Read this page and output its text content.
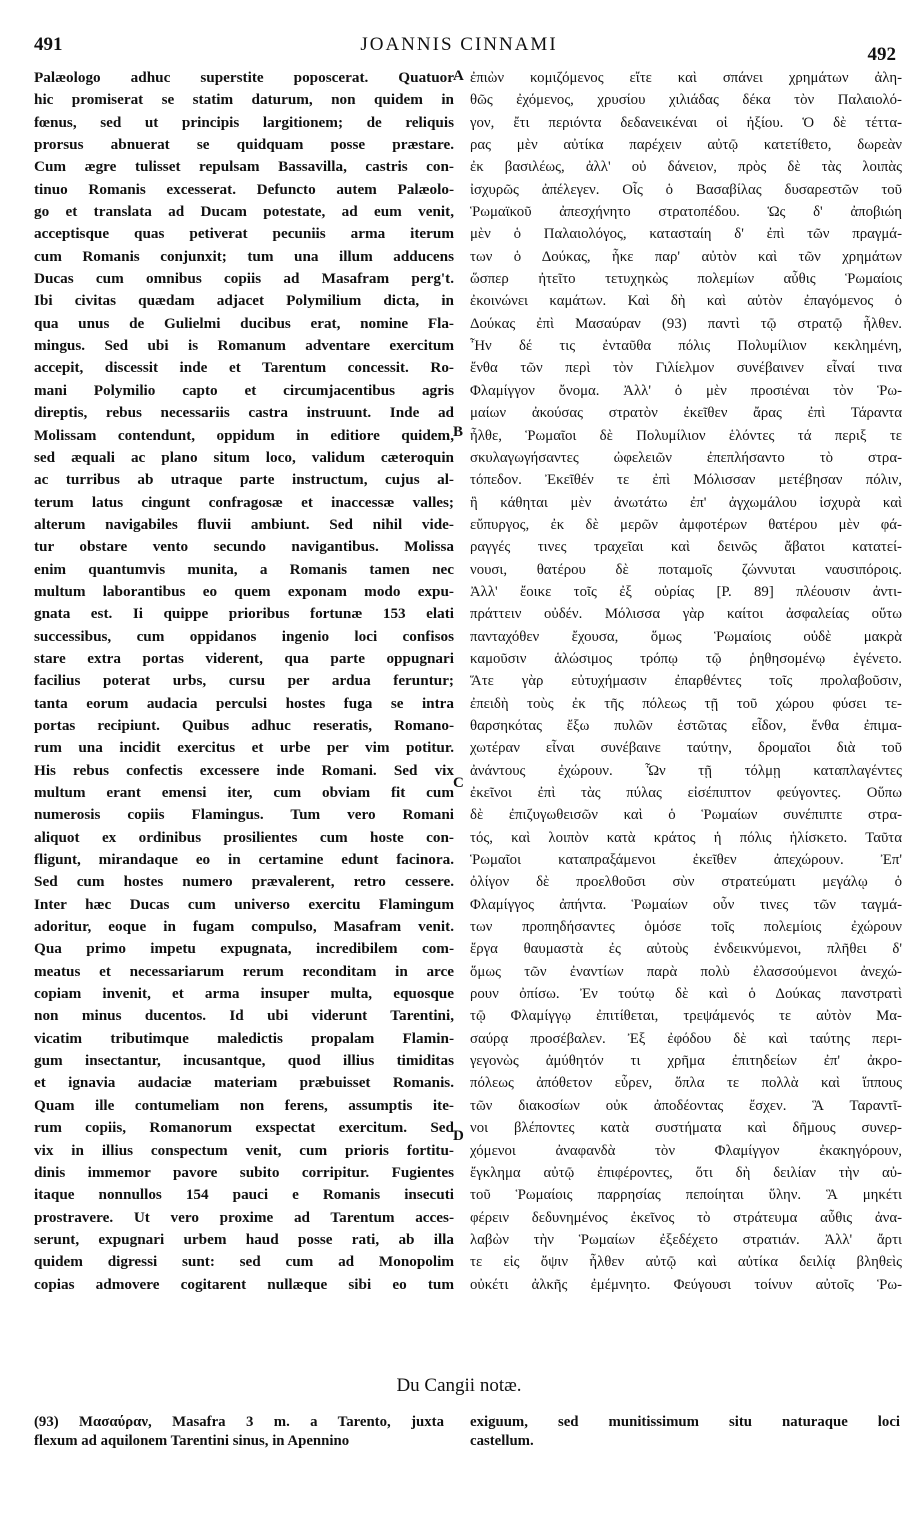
491	JOANNIS CINNAMI	492
Palæologo adhuc superstite poposcerat. Quatuor
hic promiserat se statim daturum, non quidem in
fœnus, sed ut principis largitionem; de reliquis
prorsus abnuerat se quidquam posse præstare.
Cum ægre tulisset repulsam Bassavilla, castris con-
tinuo Romanis excesserat. Defuncto autem Palæolo-
go et translata ad Ducam potestate, ad eum venit,
acceptisque quas petiverat pecuniis arma iterum
cum Romanis conjunxit; tum una illum adducens
Ducas cum omnibus copiis ad Masafram perg't.
Ibi civitas quædam adjacet Polymilium dicta, in
qua unus de Gulielmi ducibus erat, nomine Fla-
mingus. Sed ubi is Romanum adventare exercitum
accepit, discessit inde et Tarentum concessit. Ro-
mani Polymilio capto et circumjacentibus agris
direptis, rebus necessariis castra instruunt. Inde ad
Molissam contendunt, oppidum in editiore quidem,
sed æquali ac plano situm loco, validum cæteroquin
ac turribus ab utraque parte instructum, cujus al-
terum latus cingunt confragosæ et inaccessæ valles;
alterum navigabiles fluvii ambiunt. Sed nihil vide-
tur obstare vento secundo navigantibus. Molissa
enim quantumvis munita, a Romanis tamen nec
multum laborantibus eo quem exponam modo expu-
gnata est. Ii quippe prioribus fortunæ 153 elati
successibus, cum oppidanos ingenio loci confisos
stare extra portas viderent, qua parte oppugnari
facilius poterat urbs, cursu per ardua feruntur;
tanta eorum audacia perculsi hostes fuga se intra
portas recipiunt. Quibus adhuc reseratis, Romano-
rum una incidit exercitus et urbe per vim potitur.
His rebus confectis excessere inde Romani. Sed vix
multum erant emensi iter, cum obviam fit cum
numerosis copiis Flamingus. Tum vero Romani
aliquot ex ordinibus prosilientes cum hoste con-
fligunt, mirandaque eo in certamine edunt facinora.
Sed cum hostes numero prævalerent, retro cessere.
Inter hæc Ducas cum universo exercitu Flamingum
adoritur, eoque in fugam compulso, Masafram venit.
Qua primo impetu expugnata, incredibilem com-
meatus et necessariarum rerum reconditam in arce
copiam invenit, et arma insuper multa, equosque
non minus ducentos. Id ubi viderunt Tarentini,
vicatim tributimque maledictis propalam Flamin-
gum insectantur, incusantque, quod illius timiditas
et ignavia audaciæ materiam præbuisset Romanis.
Quam ille contumeliam non ferens, assumptis ite-
rum copiis, Romanorum exspectat exercitum. Sed
vix in illius conspectum venit, cum prioris fortitu-
dinis immemor pavore subito corripitur. Fugientes
itaque nonnullos 154 pauci e Romanis insecuti
prostravere. Ut vero proxime ad Tarentum acces-
serunt, expugnari urbem haud posse rati, ab illa
quidem digressi sunt: sed cum ad Monopolim
copias admovere cogitarent nullæque sibi eo tum
ἐπιὼν κομιζόμενος εἴτε καὶ σπάνει χρημάτων ἀλη-
θῶς ἐχόμενος, χρυσίου χιλιάδας δέκα τὸν Παλαιολό-
γον, ἔτι περιόντα δεδανεικέναι οἱ ἠξίου. Ὁ δὲ τέττα-
ρας μὲν αὐτίκα παρέχειν αὐτῷ κατετίθετο, δωρεὰν
ἐκ βασιλέως, ἀλλ' οὐ δάνειον, πρὸς δὲ τὰς λοιπὰς
ἰσχυρῶς ἀπέλεγεν. Οἷς ὁ Βασαβίλας δυσαρεστῶν τοῦ
Ῥωμαϊκοῦ ἀπεσχήνητο στρατοπέδου. Ὡς δ' ἀποβιώη
μὲν ὁ Παλαιολόγος, κατασταίη δ' ἐπὶ τῶν πραγμά-
των ὁ Δούκας, ἧκε παρ' αὐτὸν καὶ τῶν χρημάτων
ὥσπερ ἠτεῖτο τετυχηκὼς πολεμίων αὖθις Ῥωμαίοις
ἐκοινώνει καμάτων. Καὶ δὴ καὶ αὐτὸν ἐπαγόμενος ὁ
Δούκας ἐπὶ Μασαύραν (93) παντὶ τῷ στρατῷ ἦλθεν.
Ἦν δέ τις ἐνταῦθα πόλις Πολυμίλιον κεκλημένη,
ἔνθα τῶν περὶ τὸν Γιλίελμον συνέβαινεν εἶναί τινα
Φλαμίγγον ὄνομα. Ἀλλ' ὁ μὲν προσιέναι τὸν Ῥω-
μαίων ἀκούσας στρατὸν ἐκεῖθεν ἄρας ἐπὶ Τάραντα
ἦλθε, Ῥωμαῖοι δὲ Πολυμίλιον ἑλόντες τά περιξ τε
σκυλαγωγήσαντες ὠφελειῶν ἐπεπλήσαντο τὸ στρα-
τόπεδον. Ἐκεῖθέν τε ἐπὶ Μόλισσαν μετέβησαν πόλιν,
ἣ κάθηται μὲν ἀνωτάτω ἐπ' ἀγχωμάλου ἰσχυρὰ καὶ
εὔπυργος, ἐκ δὲ μερῶν ἀμφοτέρων θατέρου μὲν φά-
ραγγές τινες τραχεῖαι καὶ δεινῶς ἄβατοι κατατεί-
νουσι, θατέρου δὲ ποταμοῖς ζώννυται ναυσιπόροις.
Ἀλλ' ἔοικε τοῖς ἐξ οὐρίας [P. 89] πλέουσιν ἀντι-
πράττειν οὐδέν. Μόλισσα γὰρ καίτοι ἀσφαλείας οὕτω
πανταχόθεν ἔχουσα, ὅμως Ῥωμαίοις οὐδὲ μακρὰ
καμοῦσιν ἁλώσιμος τρόπῳ τῷ ῥηθησομένῳ ἐγένετο.
Ἅτε γὰρ εὐτυχήμασιν ἐπαρθέντες τοῖς προλαβοῦσιν,
ἐπειδὴ τοὺς ἐκ τῆς πόλεως τῇ τοῦ χώρου φύσει τε-
θαρσηκότας ἔξω πυλῶν ἑστῶτας εἶδον, ἔνθα ἐπιμα-
χωτέραν εἶναι συνέβαινε ταύτην, δρομαῖοι διὰ τοῦ
ἀνάντους ἐχώρουν. Ὧν τῇ τόλμῃ καταπλαγέντες
ἐκεῖνοι ἐπὶ τὰς πύλας εἰσέπιπτον φεύγοντες. Οὕπω
δὲ ἐπιζυγωθεισῶν καὶ ὁ Ῥωμαίων συνέπιπτε στρα-
τός, καὶ λοιπὸν κατὰ κράτος ἡ πόλις ἡλίσκετο. Ταῦτα
Ῥωμαῖοι καταπραξάμενοι ἐκεῖθεν ἀπεχώρουν. Ἐπ'
ὀλίγον δὲ προελθοῦσι σὺν στρατεύματι μεγάλῳ ὁ
Φλαμίγγος ἀπήντα. Ῥωμαίων οὖν τινες τῶν ταγμά-
των προπηδήσαντες ὁμόσε τοῖς πολεμίοις ἐχώρουν
ἔργα θαυμαστὰ ἐς αὐτοὺς ἐνδεικνύμενοι, πλῆθει δ'
ὅμως τῶν ἐναντίων παρὰ πολὺ ἐλασσούμενοι ἀνεχώ-
ρουν ὀπίσω. Ἐν τούτῳ δὲ καὶ ὁ Δούκας πανστρατὶ
τῷ Φλαμίγγῳ ἐπιτίθεται, τρεψάμενός τε αὐτὸν Μα-
σαύρᾳ προσέβαλεν. Ἐξ ἐφόδου δὲ καὶ ταύτης περι-
γεγονὼς ἀμύθητόν τι χρῆμα ἐπιτηδείων ἐπ' ἀκρο-
πόλεως ἀπόθετον εὗρεν, ὅπλα τε πολλὰ καὶ ἵππους
τῶν διακοσίων οὐκ ἀποδέοντας ἔσχεν. Ἃ Ταραντῖ-
νοι βλέποντες κατὰ συστήματα καὶ δῆμους συνερ-
χόμενοι ἀναφανδὰ τὸν Φλαμίγγον ἐκακηγόρουν,
ἔγκλημα αὐτῷ ἐπιφέροντες, ὅτι δὴ δειλίαν τὴν αὐ-
τοῦ Ῥωμαίοις παρρησίας πεποίηται ὕλην. Ἃ μηκέτι
φέρειν δεδυνημένος ἐκεῖνος τὸ στράτευμα αὖθις ἀνα-
λαβὼν τὴν Ῥωμαίων ἐξεδέχετο στρατιάν. Ἀλλ' ἄρτι
τε εἰς ὄψιν ἦλθεν αὐτῷ καὶ αὐτίκα δειλίᾳ βληθεὶς
οὐκέτι ἀλκῆς ἐμέμνητο. Φεύγουσι τοίνυν αὐτοῖς Ῥω-
A
B
C
D
Du Cangii notæ.
(93) Μασαύραν, Masafra 3 m. a Tarento, juxta
flexum ad aquilonem Tarentini sinus, in Apennino
exiguum, sed munitissimum situ naturaque loci
castellum.
